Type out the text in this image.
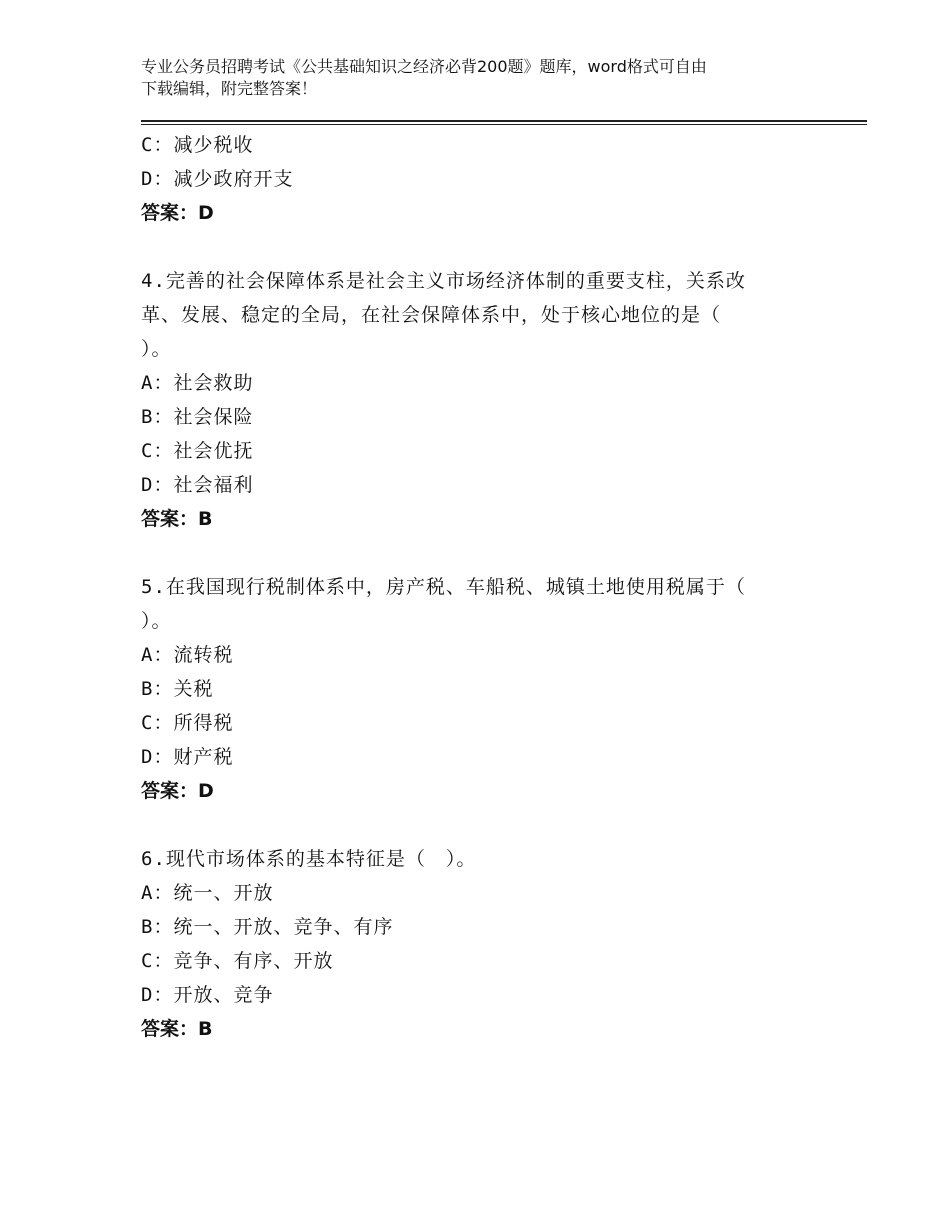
专业公务员招聘考试《公共基础知识之经济必背200题》题库，word格式可自由
下载编辑，附完整答案！
C：减少税收
D：减少政府开支
答案：D
4.完善的社会保障体系是社会主义市场经济体制的重要支柱，关系改
革、发展、稳定的全局，在社会保障体系中，处于核心地位的是（
）。
A：社会救助
B：社会保险
C：社会优抚
D：社会福利
答案：B
5.在我国现行税制体系中，房产税、车船税、城镇土地使用税属于（
）。
A：流转税
B：关税
C：所得税
D：财产税
答案：D
6.现代市场体系的基本特征是（　）。
A：统一、开放
B：统一、开放、竞争、有序
C：竞争、有序、开放
D：开放、竞争
答案：B
